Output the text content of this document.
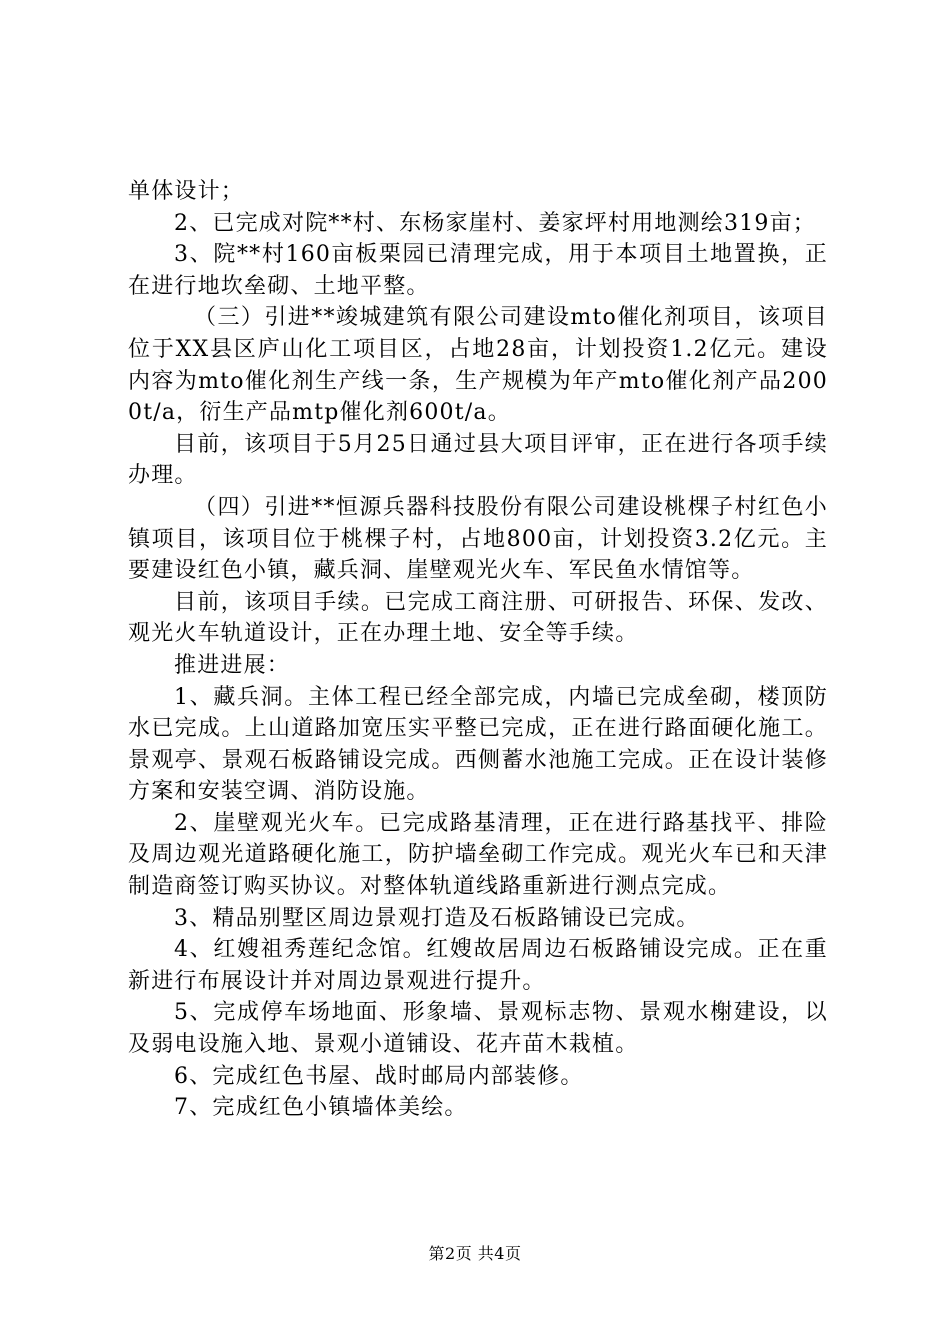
单体设计；

2、已完成对院**村、东杨家崖村、姜家坪村用地测绘319亩；

3、院**村160亩板栗园已清理完成，用于本项目土地置换，正在进行地坎垒砌、土地平整。

（三）引进**竣城建筑有限公司建设mto催化剂项目，该项目位于XX县区庐山化工项目区，占地28亩，计划投资1.2亿元。建设内容为mto催化剂生产线一条，生产规模为年产mto催化剂产品2000t/a，衍生产品mtp催化剂600t/a。

目前，该项目于5月25日通过县大项目评审，正在进行各项手续办理。

（四）引进**恒源兵器科技股份有限公司建设桃棵子村红色小镇项目，该项目位于桃棵子村，占地800亩，计划投资3.2亿元。主要建设红色小镇，藏兵洞、崖壁观光火车、军民鱼水情馆等。

目前，该项目手续。已完成工商注册、可研报告、环保、发改、观光火车轨道设计，正在办理土地、安全等手续。

推进进展：

1、藏兵洞。主体工程已经全部完成，内墙已完成垒砌，楼顶防水已完成。上山道路加宽压实平整已完成，正在进行路面硬化施工。景观亭、景观石板路铺设完成。西侧蓄水池施工完成。正在设计装修方案和安装空调、消防设施。

2、崖壁观光火车。已完成路基清理，正在进行路基找平、排险及周边观光道路硬化施工，防护墙垒砌工作完成。观光火车已和天津制造商签订购买协议。对整体轨道线路重新进行测点完成。

3、精品别墅区周边景观打造及石板路铺设已完成。

4、红嫂祖秀莲纪念馆。红嫂故居周边石板路铺设完成。正在重新进行布展设计并对周边景观进行提升。

5、完成停车场地面、形象墙、景观标志物、景观水榭建设，以及弱电设施入地、景观小道铺设、花卉苗木栽植。

6、完成红色书屋、战时邮局内部装修。

7、完成红色小镇墙体美绘。

第2页 共4页
